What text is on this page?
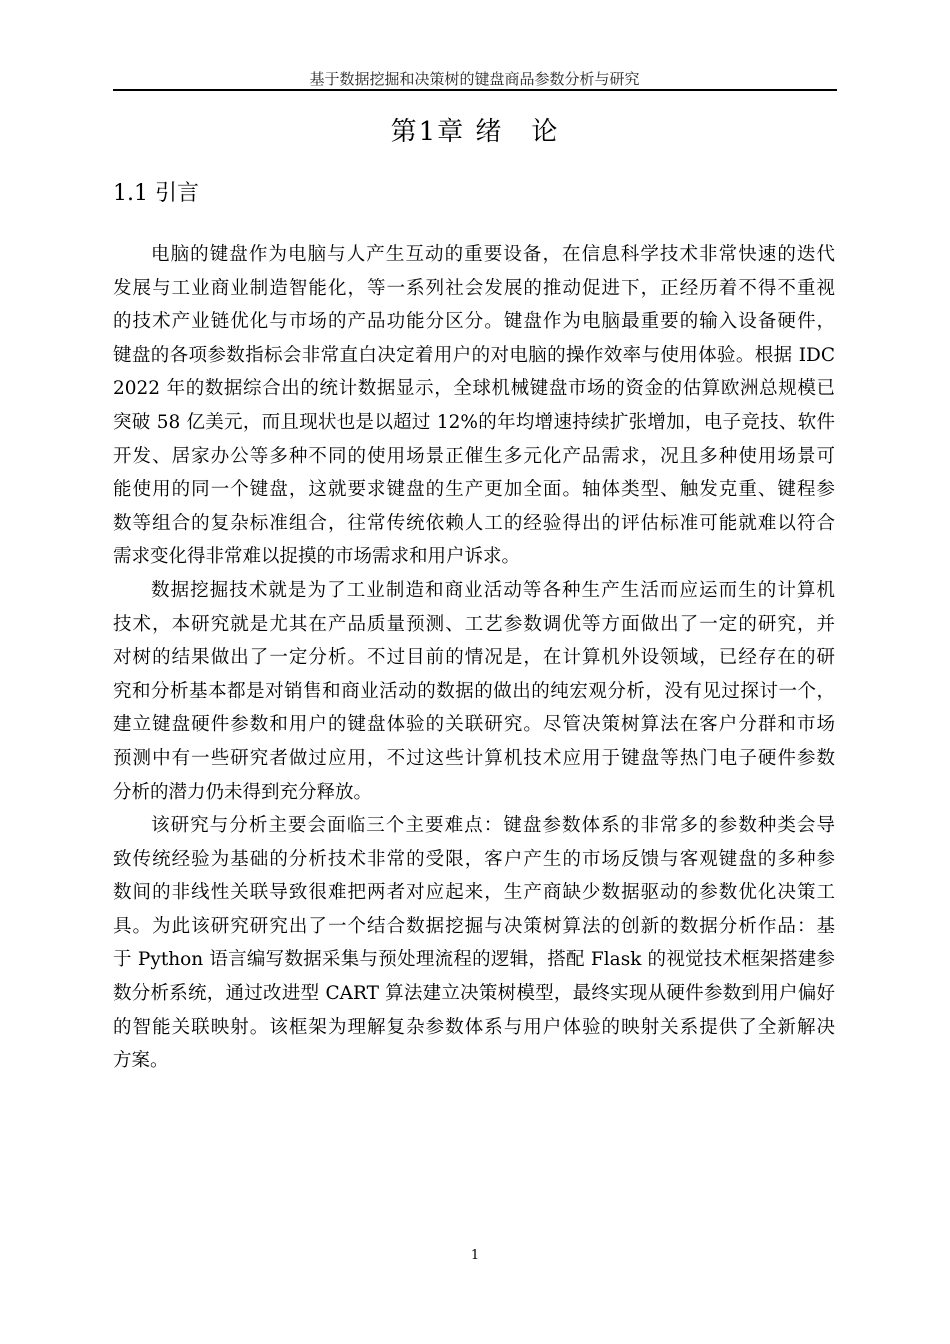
基于数据挖掘和决策树的键盘商品参数分析与研究
第1章 绪　论
1.1 引言
电脑的键盘作为电脑与人产生互动的重要设备，在信息科学技术非常快速的迭代
发展与工业商业制造智能化，等一系列社会发展的推动促进下，正经历着不得不重视
的技术产业链优化与市场的产品功能分区分。键盘作为电脑最重要的输入设备硬件，
键盘的各项参数指标会非常直白决定着用户的对电脑的操作效率与使用体验。根据 IDC
2022 年的数据综合出的统计数据显示，全球机械键盘市场的资金的估算欧洲总规模已
突破 58 亿美元，而且现状也是以超过 12%的年均增速持续扩张增加，电子竞技、软件
开发、居家办公等多种不同的使用场景正催生多元化产品需求，况且多种使用场景可
能使用的同一个键盘，这就要求键盘的生产更加全面。轴体类型、触发克重、键程参
数等组合的复杂标准组合，往常传统依赖人工的经验得出的评估标准可能就难以符合
需求变化得非常难以捉摸的市场需求和用户诉求。
数据挖掘技术就是为了工业制造和商业活动等各种生产生活而应运而生的计算机
技术，本研究就是尤其在产品质量预测、工艺参数调优等方面做出了一定的研究，并
对树的结果做出了一定分析。不过目前的情况是，在计算机外设领域，已经存在的研
究和分析基本都是对销售和商业活动的数据的做出的纯宏观分析，没有见过探讨一个，
建立键盘硬件参数和用户的键盘体验的关联研究。尽管决策树算法在客户分群和市场
预测中有一些研究者做过应用，不过这些计算机技术应用于键盘等热门电子硬件参数
分析的潜力仍未得到充分释放。
该研究与分析主要会面临三个主要难点：键盘参数体系的非常多的参数种类会导
致传统经验为基础的分析技术非常的受限，客户产生的市场反馈与客观键盘的多种参
数间的非线性关联导致很难把两者对应起来，生产商缺少数据驱动的参数优化决策工
具。为此该研究研究出了一个结合数据挖掘与决策树算法的创新的数据分析作品：基
于 Python 语言编写数据采集与预处理流程的逻辑，搭配 Flask 的视觉技术框架搭建参
数分析系统，通过改进型 CART 算法建立决策树模型，最终实现从硬件参数到用户偏好
的智能关联映射。该框架为理解复杂参数体系与用户体验的映射关系提供了全新解决
方案。
1
